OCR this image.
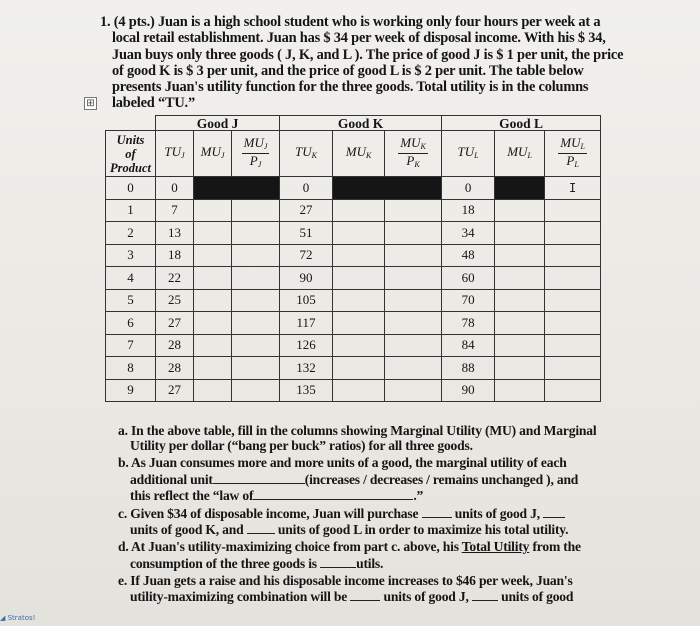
1. (4 pts.) Juan is a high school student who is working only four hours per week at a
local retail establishment. Juan has $ 34 per week of disposal income. With his $ 34,
Juan buys only three goods ( J, K, and L ). The price of good J is $ 1 per unit, the price
of good K is $ 3 per unit, and the price of good L is $ 2 per unit. The table below
presents Juan's utility function for the three goods. Total utility is in the columns
labeled “TU.”
⊞
	Good J			Good K			Good L		
Units
of
Product	$TU_J$	$MU_J$	$\frac{MU_J}{P_J}$	$TU_K$	$MU_K$	$\frac{MU_K}{P_K}$	$TU_L$	$MU_L$	$\frac{MU_L}{P_L}$

0	0			0			0		I
1	7			27			18		
2	13			51			34		
3	18			72			48		
4	22			90			60		
5	25			105			70		
6	27			117			78		
7	28			126			84		
8	28			132			88		
9	27			135			90		
a. In the above table, fill in the columns showing Marginal Utility (MU) and Marginal
Utility per dollar (“bang per buck” ratios) for all three goods.
b. As Juan consumes more and more units of a good, the marginal utility of each
additional unit	(increases / decreases / remains unchanged ), and
this reflect the “law of	.”
c. Given $34 of disposable income, Juan will purchase	units of good J,
units of good K, and	units of good L in order to maximize his total utility.
d. At Juan's utility-maximizing choice from part c. above, his Total Utility from the
consumption of the three goods is	utils.
e. If Juan gets a raise and his disposable income increases to $46 per week, Juan's
utility-maximizing combination will be	units of good J, units of good
◢ Stratos!
